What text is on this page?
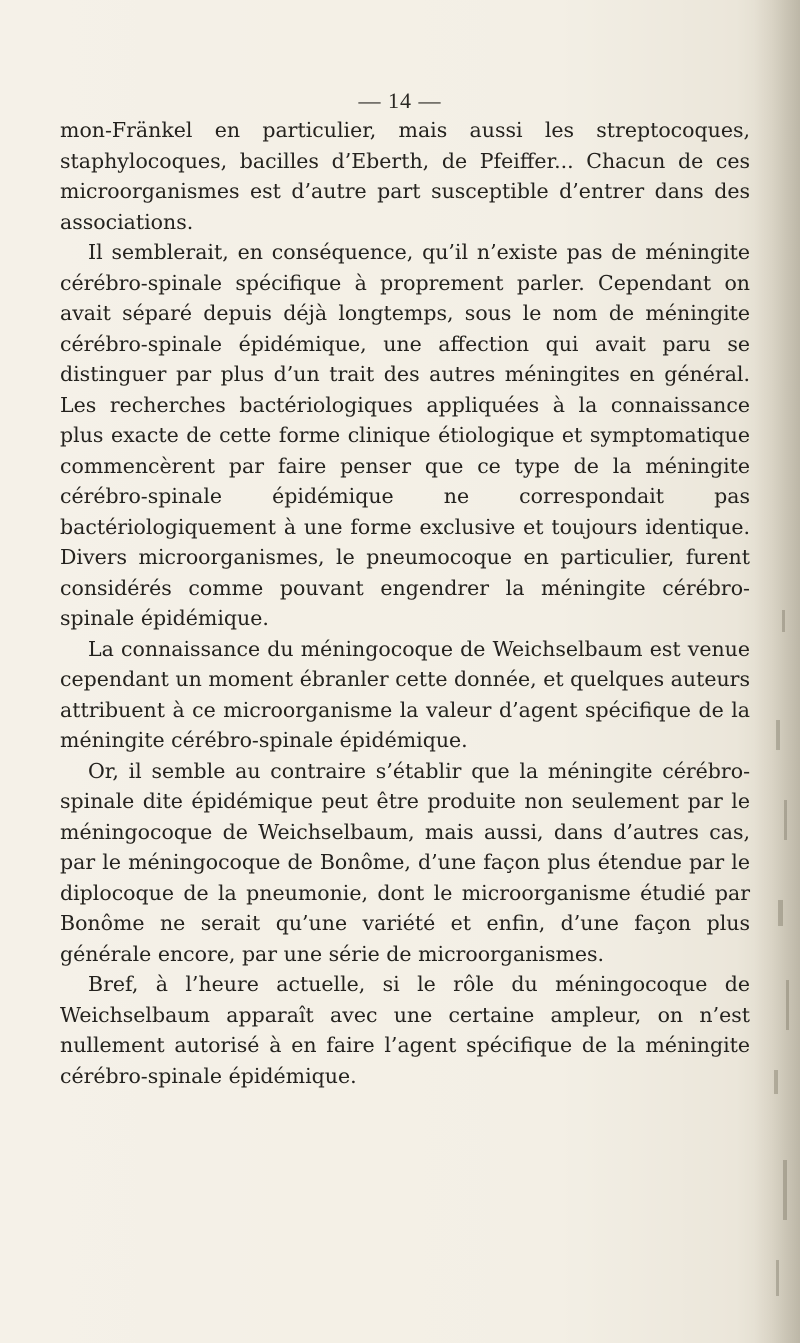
— 14 —

mon-Fränkel en particulier, mais aussi les streptocoques, staphylocoques, bacilles d’Eberth, de Pfeiffer... Chacun de ces microorganismes est d’autre part susceptible d’entrer dans des associations.

Il semblerait, en conséquence, qu’il n’existe pas de méningite cérébro-spinale spécifique à proprement parler. Cependant on avait séparé depuis déjà longtemps, sous le nom de méningite cérébro-spinale épidémique, une affection qui avait paru se distinguer par plus d’un trait des autres méningites en général. Les recherches bactériologiques appliquées à la connaissance plus exacte de cette forme clinique étiologique et symptomatique commencèrent par faire penser que ce type de la méningite cérébro-spinale épidémique ne correspondait pas bactériologiquement à une forme exclusive et toujours identique. Divers microorganismes, le pneumocoque en particulier, furent considérés comme pouvant engendrer la méningite cérébro-spinale épidémique.

La connaissance du méningocoque de Weichselbaum est venue cependant un moment ébranler cette donnée, et quelques auteurs attribuent à ce microorganisme la valeur d’agent spécifique de la méningite cérébro-spinale épidémique.

Or, il semble au contraire s’établir que la méningite cérébro-spinale dite épidémique peut être produite non seulement par le méningocoque de Weichselbaum, mais aussi, dans d’autres cas, par le méningocoque de Bonôme, d’une façon plus étendue par le diplocoque de la pneumonie, dont le microorganisme étudié par Bonôme ne serait qu’une variété et enfin, d’une façon plus générale encore, par une série de microorganismes.

Bref, à l’heure actuelle, si le rôle du méningocoque de Weichselbaum apparaît avec une certaine ampleur, on n’est nullement autorisé à en faire l’agent spécifique de la méningite cérébro-spinale épidémique.
